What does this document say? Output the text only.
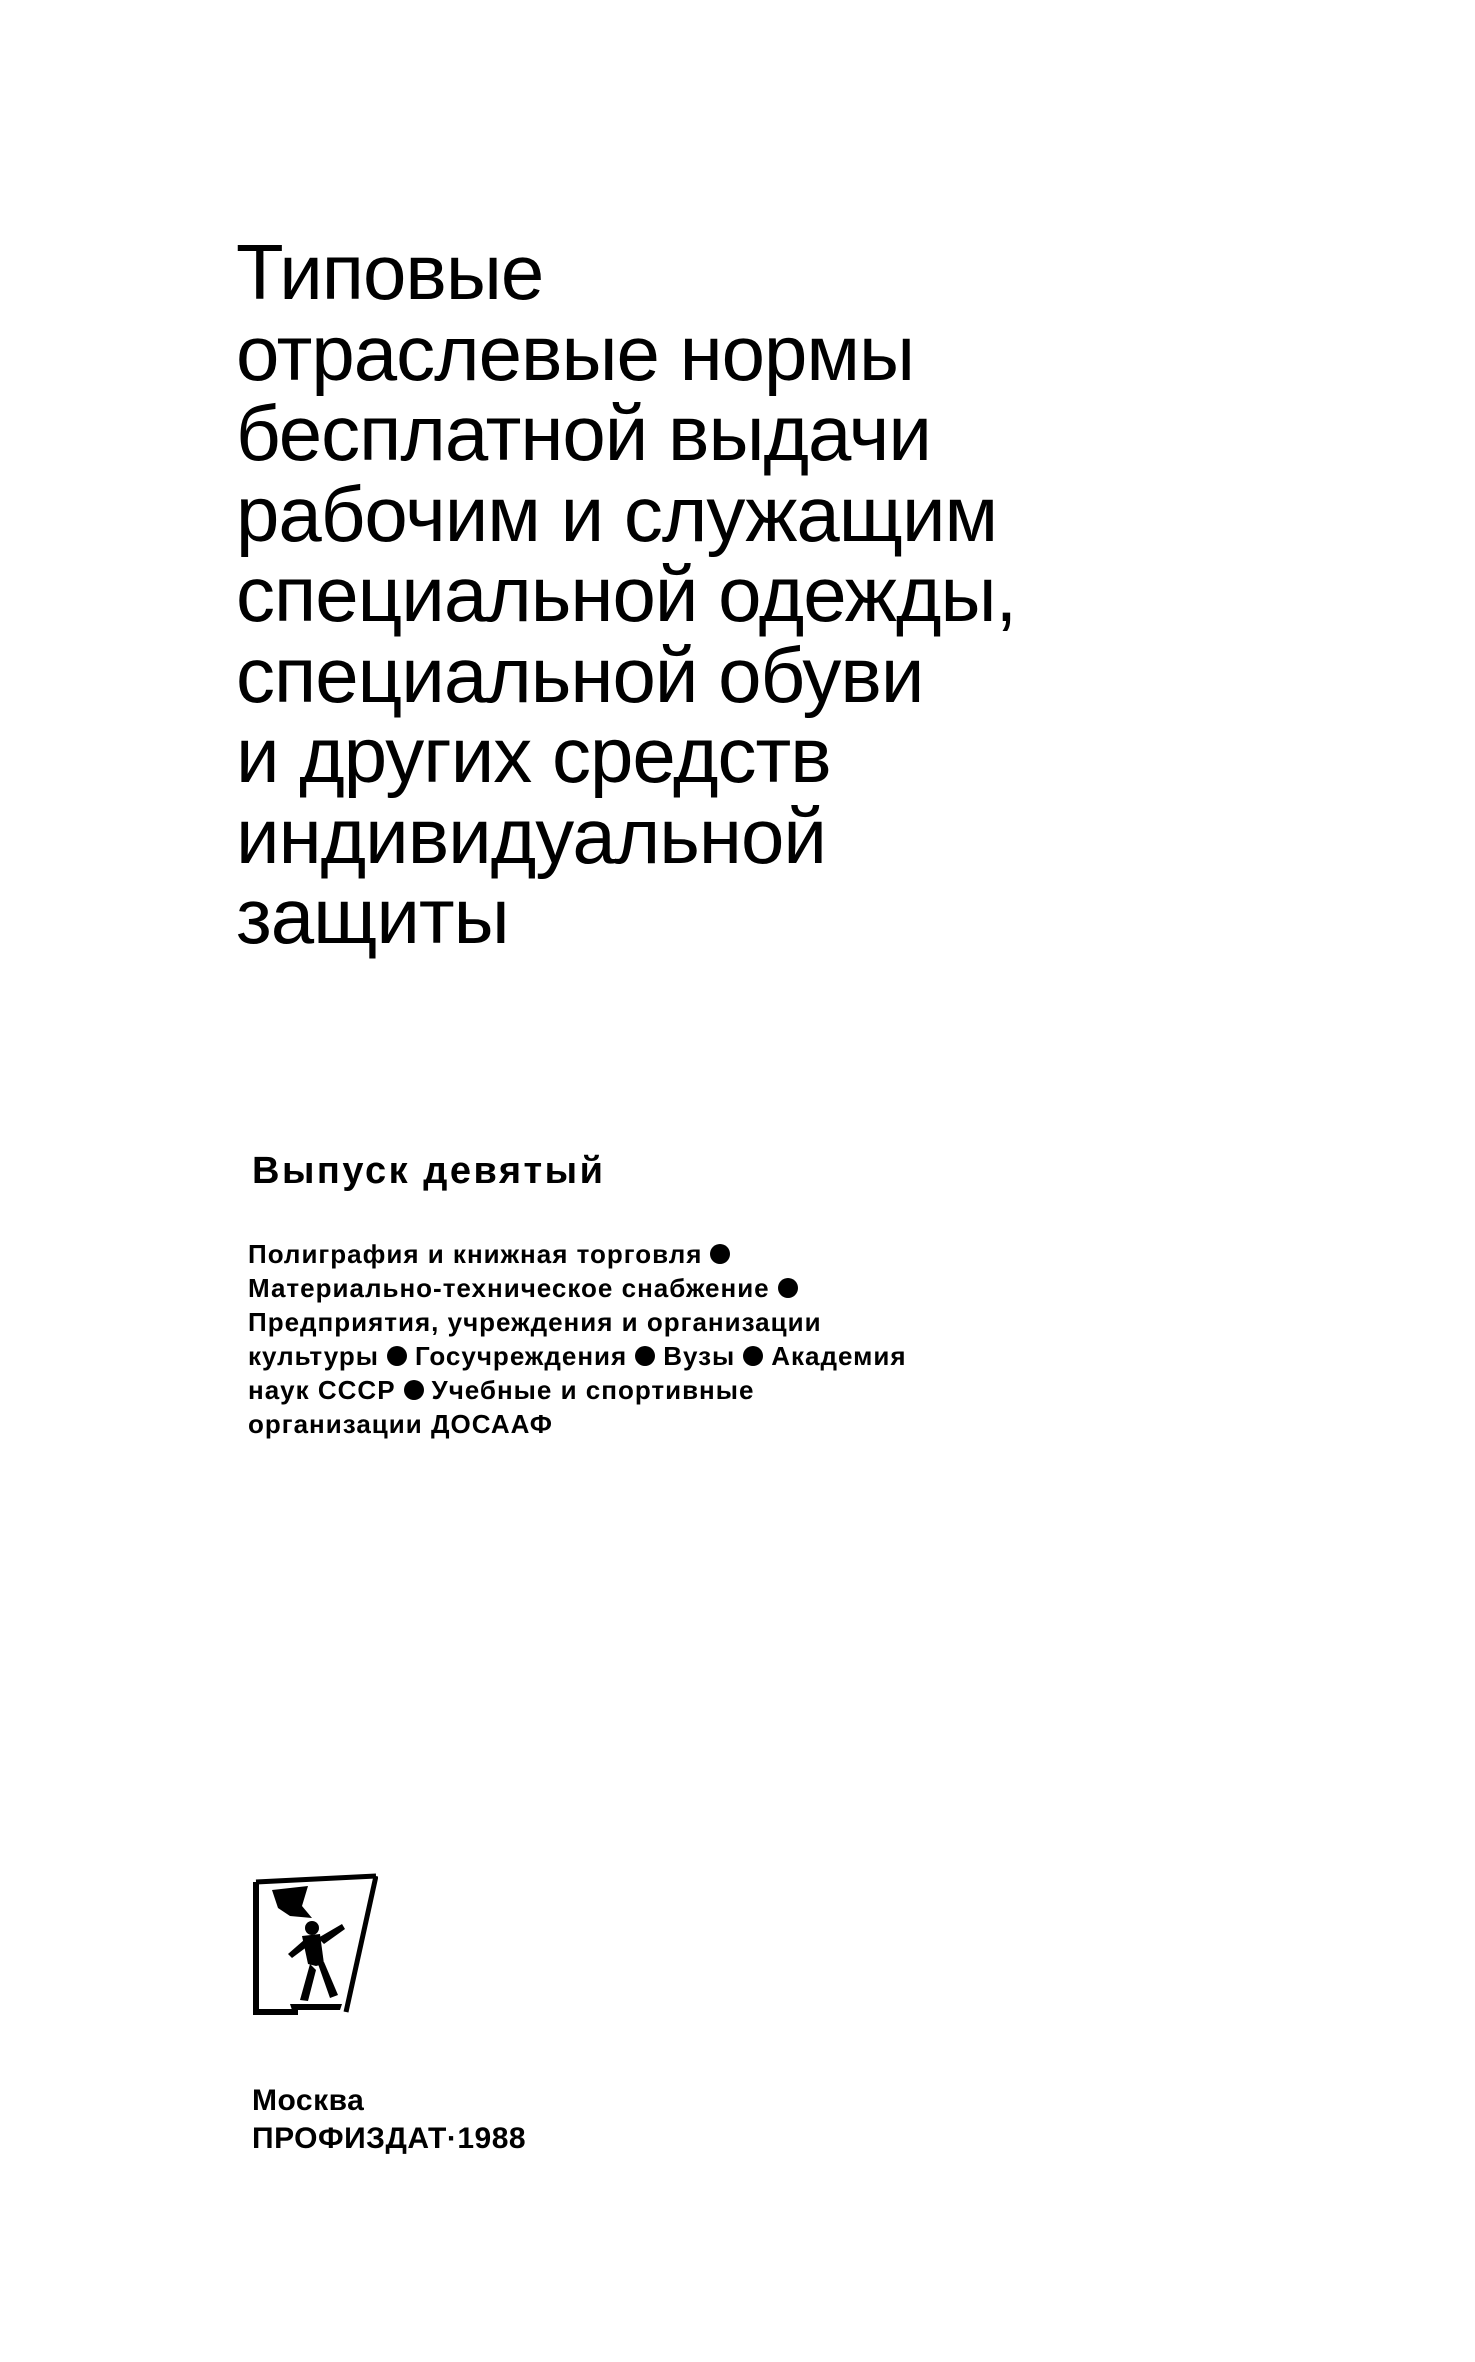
Типовые
отраслевые нормы
бесплатной выдачи
рабочим и служащим
специальной одежды,
специальной обуви
и других средств
индивидуальной
защиты
Выпуск девятый
Полиграфия и книжная торговля
Материально-техническое снабжение
Предприятия, учреждения и организации
культуры Госучреждения Вузы Академия
наук СССР Учебные и спортивные
организации ДОСААФ
Москва
ПРОФИЗДАТ·1988
